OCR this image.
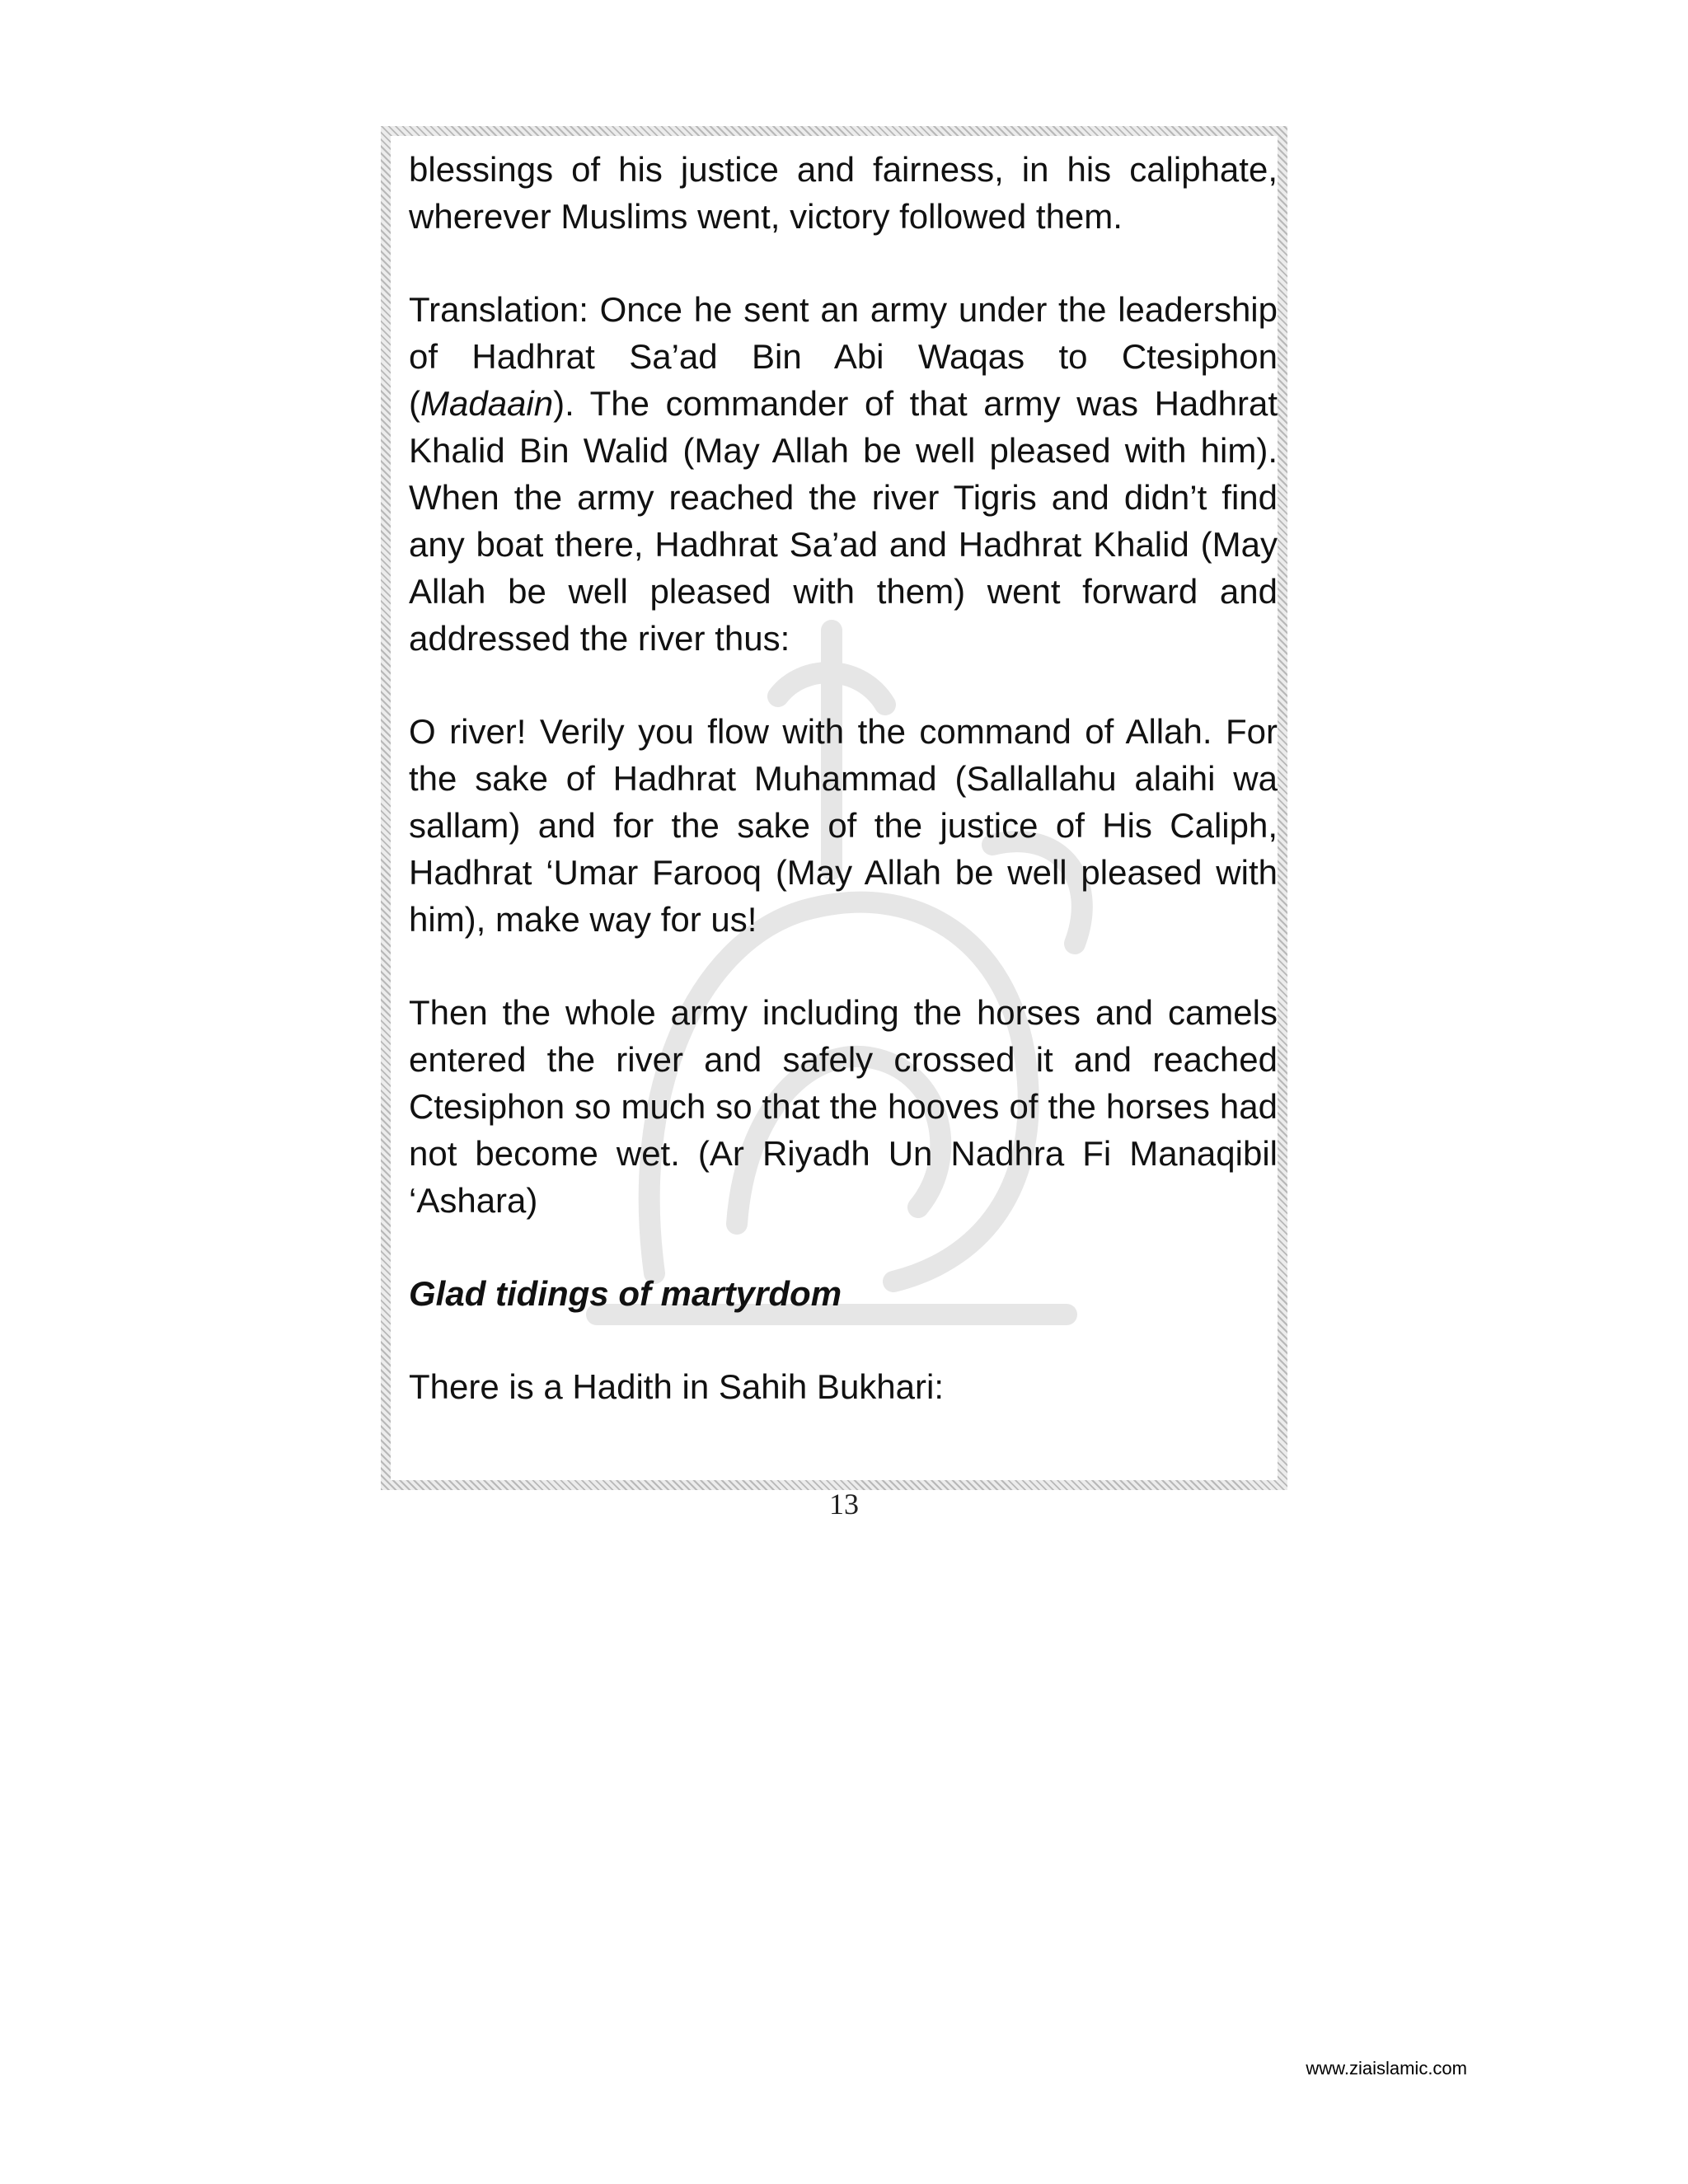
blessings of his justice and fairness, in his caliphate, wherever Muslims went, victory followed them.

Translation: Once he sent an army under the leadership of Hadhrat Sa’ad Bin Abi Waqas to Ctesiphon (Madaain). The commander of that army was Hadhrat Khalid Bin Walid (May Allah be well pleased with him). When the army reached the river Tigris and didn’t find any boat there, Hadhrat Sa’ad and Hadhrat Khalid (May Allah be well pleased with them) went forward and addressed the river thus:

O river! Verily you flow with the command of Allah. For the sake of Hadhrat Muhammad (Sallallahu alaihi wa sallam) and for the sake of the justice of His Caliph, Hadhrat ‘Umar Farooq (May Allah be well pleased with him), make way for us!

Then the whole army including the horses and camels entered the river and safely crossed it and reached Ctesiphon so much so that the hooves of the horses had not become wet. (Ar Riyadh Un Nadhra Fi Manaqibil ‘Ashara)

Glad tidings of martyrdom

There is a Hadith in Sahih Bukhari:

13
www.ziaislamic.com
